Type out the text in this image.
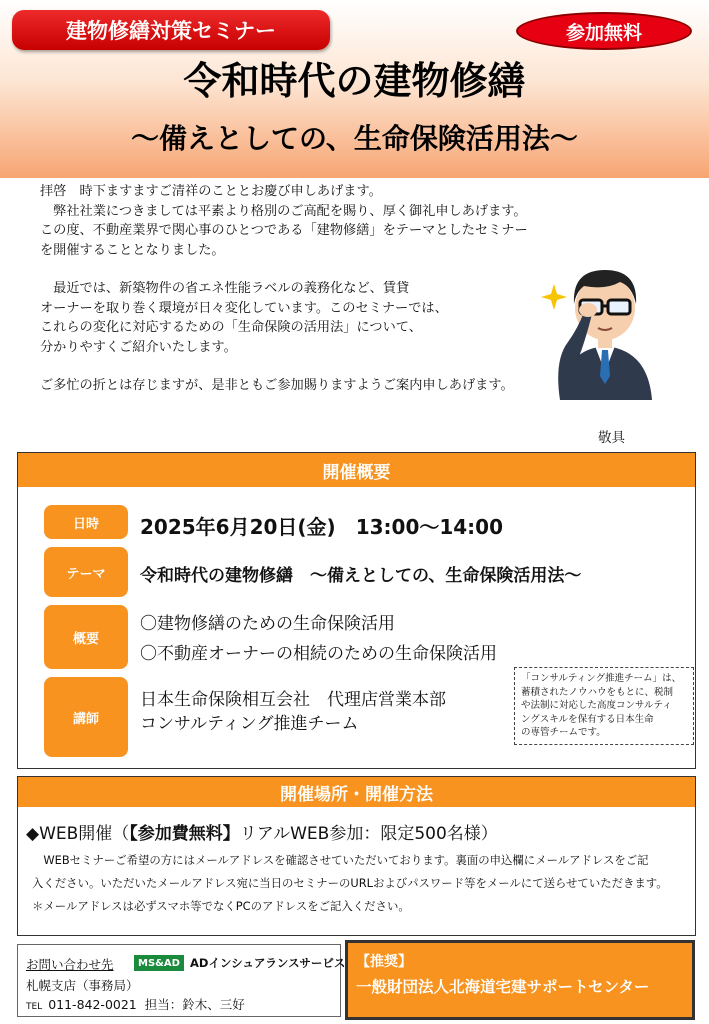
建物修繕対策セミナー	参加無料
令和時代の建物修繕
～備えとしての、生命保険活用法～

拝啓　時下ますますご清祥のこととお慶び申しあげます。

　弊社社業につきましては平素より格別のご高配を賜り、厚く御礼申しあげます。

この度、不動産業界で関心事のひとつである「建物修繕」をテーマとしたセミナー

を開催することとなりました。

　最近では、新築物件の省エネ性能ラベルの義務化など、賃貸

オーナーを取り巻く環境が日々変化しています。このセミナーでは、

これらの変化に対応するための「生命保険の活用法」について、

分かりやすくご紹介いたします。

ご多忙の折とは存じますが、是非ともご参加賜りますようご案内申しあげます。

敬具
開催概要
日時	2025年6月20日(金)　13:00～14:00
テーマ	令和時代の建物修繕　～備えとしての、生命保険活用法～
概要
〇建物修繕のための生命保険活用
〇不動産オーナーの相続のための生命保険活用
講師
日本生命保険相互会社　代理店営業本部
コンサルティング推進チーム
「コンサルティング推進チーム」は、
蓄積されたノウハウをもとに、税制
や法制に対応した高度コンサルティ
ングスキルを保有する日本生命
の専管チームです。
開催場所・開催方法
◆WEB開催（【参加費無料】リアルWEB参加：限定500名様）

　WEBセミナーご希望の方にはメールアドレスを確認させていただいております。裏面の申込欄にメールアドレスをご記

入ください。いただいたメールアドレス宛に当日のセミナーのURLおよびパスワード等をメールにて送らせていただきます。

＊メールアドレスは必ずスマホ等でなくPCのアドレスをご記入ください。

お問い合わせ先	MS&AD ADインシュアランスサービス
札幌支店（事務局）
TEL 011-842-0021 担当：鈴木、三好
【推奨】
一般財団法人北海道宅建サポートセンター
